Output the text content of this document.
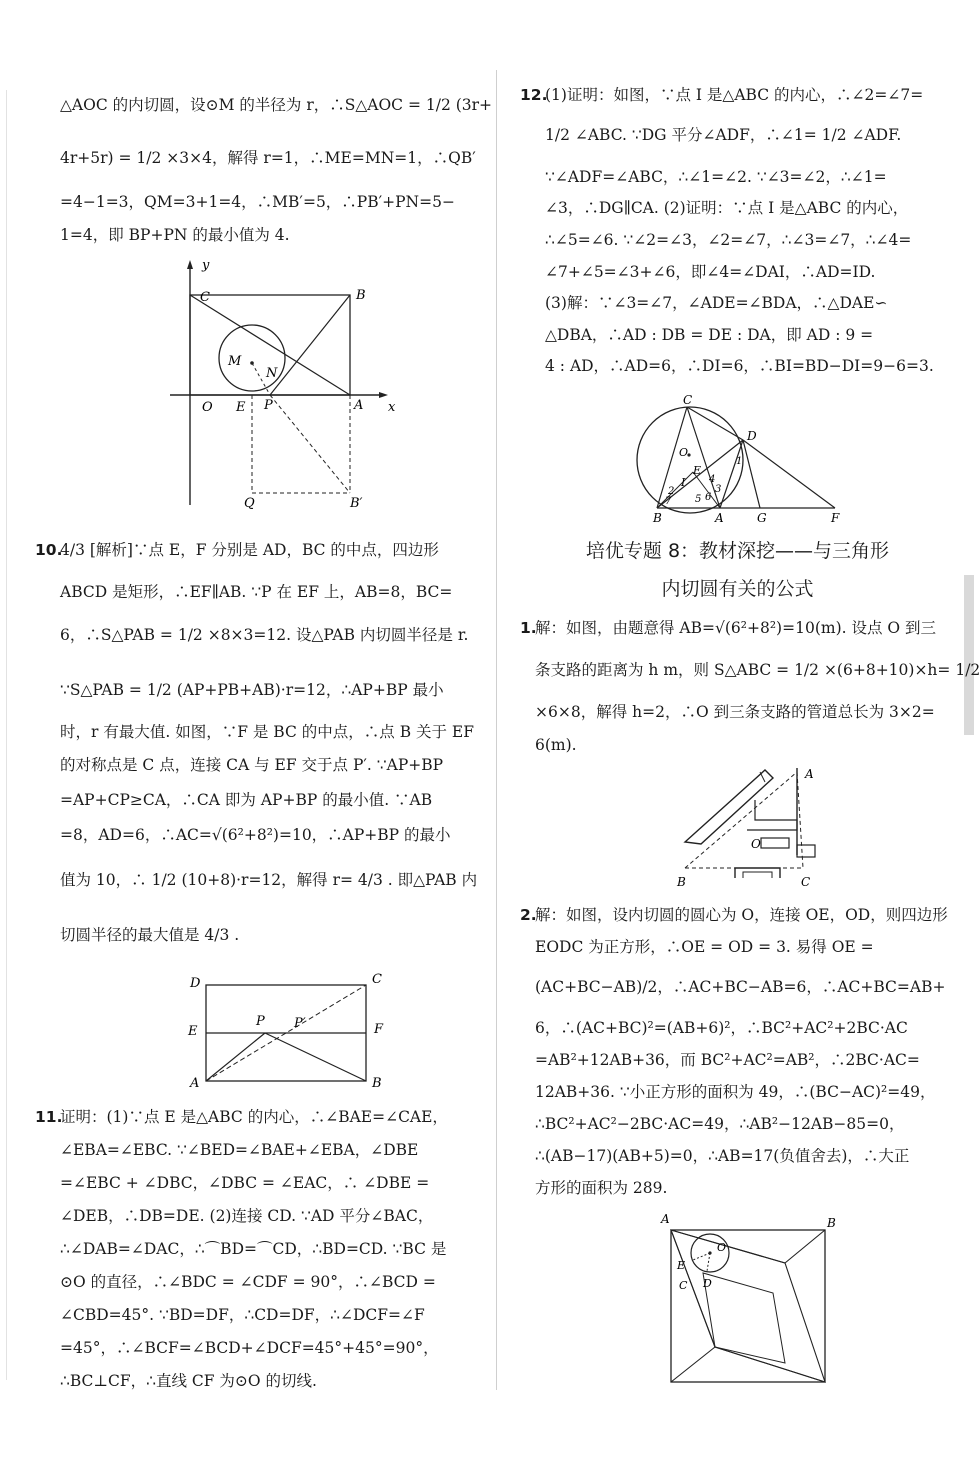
△AOC 的内切圆，设⊙M 的半径为 r，∴S△AOC = 1/2 (3r+
4r+5r) = 1/2 ×3×4，解得 r=1，∴ME=MN=1，∴QB′
=4−1=3，QM=3+1=4，∴MB′=5，∴PB′+PN=5−
1=4，即 BP+PN 的最小值为 4.
y
C	B
M
N
O E P	A x
Q	B′
10.
4/3 [解析]∵点 E，F 分别是 AD，BC 的中点，四边形
ABCD 是矩形，∴EF∥AB. ∵P 在 EF 上，AB=8，BC=
6，∴S△PAB = 1/2 ×8×3=12. 设△PAB 内切圆半径是 r.
∵S△PAB = 1/2 (AP+PB+AB)·r=12，∴AP+BP 最小
时，r 有最大值. 如图，∵F 是 BC 的中点，∴点 B 关于 EF
的对称点是 C 点，连接 CA 与 EF 交于点 P′. ∵AP+BP
=AP+CP≥CA，∴CA 即为 AP+BP 的最小值. ∵AB
=8，AD=6，∴AC=√(6²+8²)=10，∴AP+BP 的最小
值为 10，∴ 1/2 (10+8)·r=12，解得 r= 4/3 . 即△PAB 内
切圆半径的最大值是 4/3 .
D	C
E
P P′	F
A	B
11.
证明：(1)∵点 E 是△ABC 的内心，∴∠BAE=∠CAE，
∠EBA=∠EBC. ∵∠BED=∠BAE+∠EBA，∠DBE
=∠EBC + ∠DBC，∠DBC = ∠EAC，∴ ∠DBE =
∠DEB，∴DB=DE. (2)连接 CD. ∵AD 平分∠BAC，
∴∠DAB=∠DAC，∴⌒BD=⌒CD，∴BD=CD. ∵BC 是
⊙O 的直径，∴∠BDC = ∠CDF = 90°，∴∠BCD =
∠CBD=45°. ∵BD=DF，∴CD=DF，∴∠DCF=∠F
=45°，∴∠BCF=∠BCD+∠DCF=45°+45°=90°，
∴BC⊥CF，∴直线 CF 为⊙O 的切线.
12.
(1)证明：如图，∵点 I 是△ABC 的内心，∴∠2=∠7=
1/2 ∠ABC. ∵DG 平分∠ADF，∴∠1= 1/2 ∠ADF.
∵∠ADF=∠ABC，∴∠1=∠2. ∵∠3=∠2，∴∠1=
∠3，∴DG∥CA. (2)证明：∵点 I 是△ABC 的内心，
∴∠5=∠6. ∵∠2=∠3，∠2=∠7，∴∠3=∠7，∴∠4=
∠7+∠5=∠3+∠6，即∠4=∠DAI，∴AD=ID.
(3)解：∵∠3=∠7，∠ADE=∠BDA，∴△DAE∽
△DBA，∴AD : DB = DE : DA，即 AD : 9 =
4 : AD，∴AD=6，∴DI=6，∴BI=BD−DI=9−6=3.
C
D
O
E
I
1
2	3
4
5 6
7
B	A	G	F
培优专题 8：教材深挖——与三角形
内切圆有关的公式
1.
解：如图，由题意得 AB=√(6²+8²)=10(m). 设点 O 到三
条支路的距离为 h m，则 S△ABC = 1/2 ×(6+8+10)×h= 1/2
×6×8，解得 h=2，∴O 到三条支路的管道总长为 3×2=
6(m).
A
O
B	C
2.
解：如图，设内切圆的圆心为 O，连接 OE，OD，则四边形
EODC 为正方形，∴OE = OD = 3. 易得 OE =
(AC+BC−AB)/2，∴AC+BC−AB=6，∴AC+BC=AB+
6，∴(AC+BC)²=(AB+6)²，∴BC²+AC²+2BC·AC
=AB²+12AB+36，而 BC²+AC²=AB²，∴2BC·AC=
12AB+36. ∵小正方形的面积为 49，∴(BC−AC)²=49，
∴BC²+AC²−2BC·AC=49，∴AB²−12AB−85=0，
∴(AB−17)(AB+5)=0，∴AB=17(负值舍去)，∴大正
方形的面积为 289.
A	B
O
E
C D
